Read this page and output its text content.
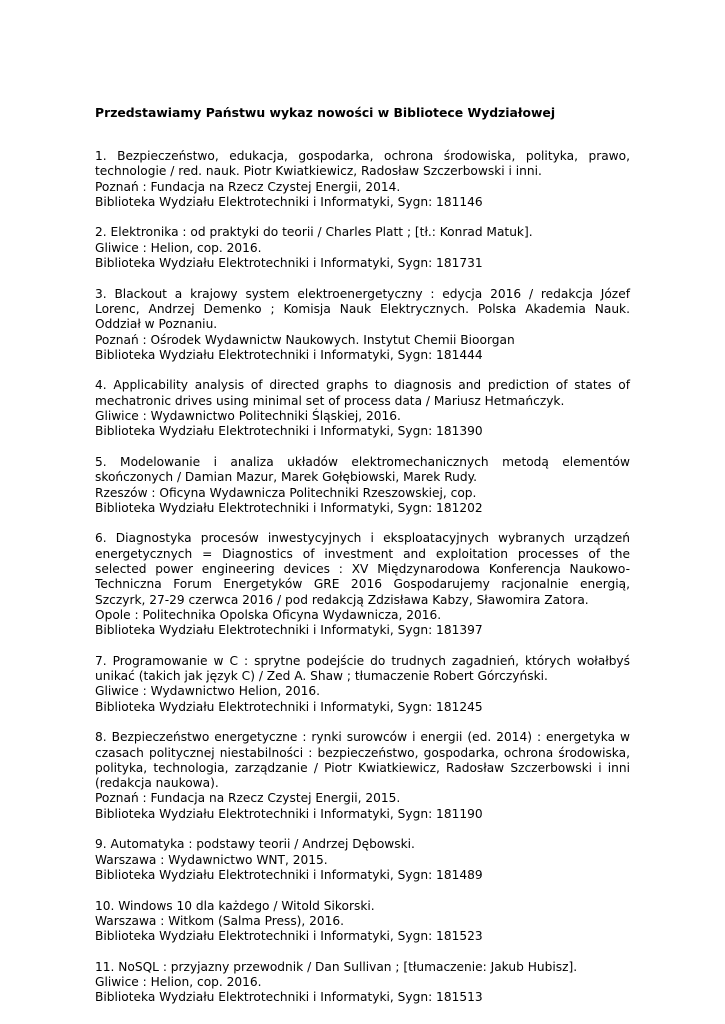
Przedstawiamy Państwu wykaz nowości w Bibliotece Wydziałowej

1. Bezpieczeństwo, edukacja, gospodarka, ochrona środowiska, polityka, prawo, technologie / red. nauk. Piotr Kwiatkiewicz, Radosław Szczerbowski i inni.

Poznań : Fundacja na Rzecz Czystej Energii, 2014.

Biblioteka Wydziału Elektrotechniki i Informatyki, Sygn: 181146

2. Elektronika : od praktyki do teorii / Charles Platt ; [tł.: Konrad Matuk].

Gliwice : Helion, cop. 2016.

Biblioteka Wydziału Elektrotechniki i Informatyki, Sygn: 181731

3. Blackout a krajowy system elektroenergetyczny : edycja 2016 / redakcja Józef Lorenc, Andrzej Demenko ; Komisja Nauk Elektrycznych. Polska Akademia Nauk. Oddział w Poznaniu.

Poznań : Ośrodek Wydawnictw Naukowych. Instytut Chemii Bioorgan

Biblioteka Wydziału Elektrotechniki i Informatyki, Sygn: 181444

4. Applicability analysis of directed graphs to diagnosis and prediction of states of mechatronic drives using minimal set of process data / Mariusz Hetmańczyk.

Gliwice : Wydawnictwo Politechniki Śląskiej, 2016.

Biblioteka Wydziału Elektrotechniki i Informatyki, Sygn: 181390

5. Modelowanie i analiza układów elektromechanicznych metodą elementów skończonych / Damian Mazur, Marek Gołębiowski, Marek Rudy.

Rzeszów : Oficyna Wydawnicza Politechniki Rzeszowskiej, cop.

Biblioteka Wydziału Elektrotechniki i Informatyki, Sygn: 181202

6. Diagnostyka procesów inwestycyjnych i eksploatacyjnych wybranych urządzeń energetycznych = Diagnostics of investment and exploitation processes of the selected power engineering devices : XV Międzynarodowa Konferencja Naukowo-Techniczna Forum Energetyków GRE 2016 Gospodarujemy racjonalnie energią, Szczyrk, 27-29 czerwca 2016 / pod redakcją Zdzisława Kabzy, Sławomira Zatora.

Opole : Politechnika Opolska Oficyna Wydawnicza, 2016.

Biblioteka Wydziału Elektrotechniki i Informatyki, Sygn: 181397

7. Programowanie w C : sprytne podejście do trudnych zagadnień, których wołałbyś unikać (takich jak język C) / Zed A. Shaw ; tłumaczenie Robert Górczyński.

Gliwice : Wydawnictwo Helion, 2016.

Biblioteka Wydziału Elektrotechniki i Informatyki, Sygn: 181245

8. Bezpieczeństwo energetyczne : rynki surowców i energii (ed. 2014) : energetyka w czasach politycznej niestabilności : bezpieczeństwo, gospodarka, ochrona środowiska, polityka, technologia, zarządzanie / Piotr Kwiatkiewicz, Radosław Szczerbowski i inni (redakcja naukowa).

Poznań : Fundacja na Rzecz Czystej Energii, 2015.

Biblioteka Wydziału Elektrotechniki i Informatyki, Sygn: 181190

9. Automatyka : podstawy teorii / Andrzej Dębowski.

Warszawa : Wydawnictwo WNT, 2015.

Biblioteka Wydziału Elektrotechniki i Informatyki, Sygn: 181489

10. Windows 10 dla każdego / Witold Sikorski.

Warszawa : Witkom (Salma Press), 2016.

Biblioteka Wydziału Elektrotechniki i Informatyki, Sygn: 181523

11. NoSQL : przyjazny przewodnik / Dan Sullivan ; [tłumaczenie: Jakub Hubisz].

Gliwice : Helion, cop. 2016.

Biblioteka Wydziału Elektrotechniki i Informatyki, Sygn: 181513
